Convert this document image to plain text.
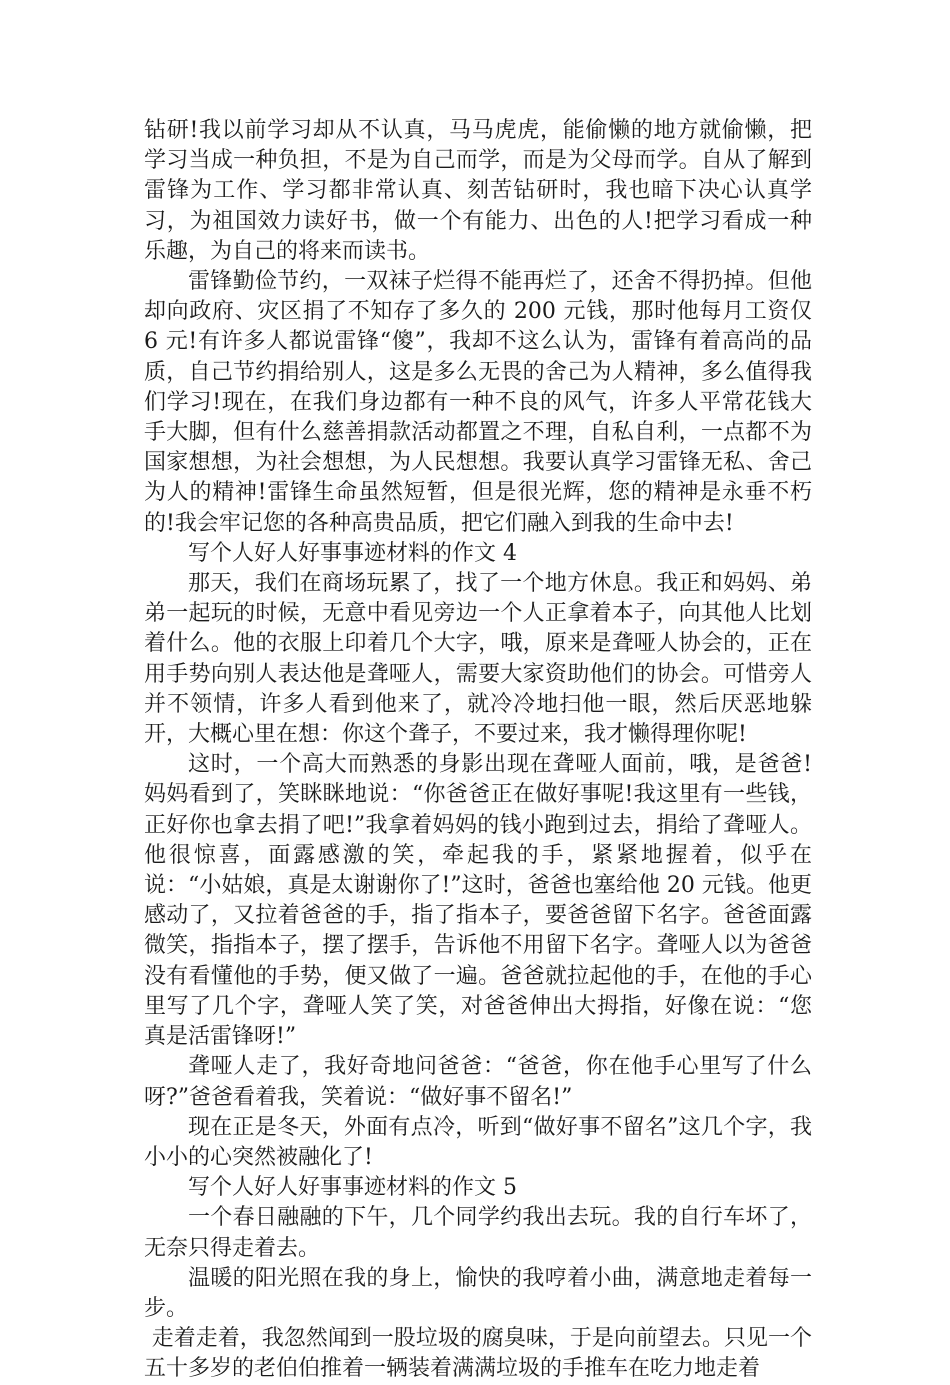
钻研!我以前学习却从不认真，马马虎虎，能偷懒的地方就偷懒，把学习当成一种负担，不是为自己而学，而是为父母而学。自从了解到雷锋为工作、学习都非常认真、刻苦钻研时，我也暗下决心认真学习，为祖国效力读好书，做一个有能力、出色的人!把学习看成一种乐趣，为自己的将来而读书。

雷锋勤俭节约，一双袜子烂得不能再烂了，还舍不得扔掉。但他却向政府、灾区捐了不知存了多久的 200 元钱，那时他每月工资仅 6 元!有许多人都说雷锋“傻”，我却不这么认为，雷锋有着高尚的品质，自己节约捐给别人，这是多么无畏的舍己为人精神，多么值得我们学习!现在，在我们身边都有一种不良的风气，许多人平常花钱大手大脚，但有什么慈善捐款活动都置之不理，自私自利，一点都不为国家想想，为社会想想，为人民想想。我要认真学习雷锋无私、舍己为人的精神!雷锋生命虽然短暂，但是很光辉，您的精神是永垂不朽的!我会牢记您的各种高贵品质，把它们融入到我的生命中去!

写个人好人好事事迹材料的作文 4

那天，我们在商场玩累了，找了一个地方休息。我正和妈妈、弟弟一起玩的时候，无意中看见旁边一个人正拿着本子，向其他人比划着什么。他的衣服上印着几个大字，哦，原来是聋哑人协会的，正在用手势向别人表达他是聋哑人，需要大家资助他们的协会。可惜旁人并不领情，许多人看到他来了，就冷冷地扫他一眼，然后厌恶地躲开，大概心里在想：你这个聋子，不要过来，我才懒得理你呢!

这时，一个高大而熟悉的身影出现在聋哑人面前，哦，是爸爸!妈妈看到了，笑眯眯地说：“你爸爸正在做好事呢!我这里有一些钱，正好你也拿去捐了吧!”我拿着妈妈的钱小跑到过去，捐给了聋哑人。他很惊喜，面露感激的笑，牵起我的手，紧紧地握着，似乎在说：“小姑娘，真是太谢谢你了!”这时，爸爸也塞给他 20 元钱。他更感动了，又拉着爸爸的手，指了指本子，要爸爸留下名字。爸爸面露微笑，指指本子，摆了摆手，告诉他不用留下名字。聋哑人以为爸爸没有看懂他的手势，便又做了一遍。爸爸就拉起他的手，在他的手心里写了几个字，聋哑人笑了笑，对爸爸伸出大拇指，好像在说：“您真是活雷锋呀!”

聋哑人走了，我好奇地问爸爸：“爸爸，你在他手心里写了什么呀?”爸爸看着我，笑着说：“做好事不留名!”

现在正是冬天，外面有点冷，听到“做好事不留名”这几个字，我小小的心突然被融化了!

写个人好人好事事迹材料的作文 5

一个春日融融的下午，几个同学约我出去玩。我的自行车坏了，无奈只得走着去。

温暖的阳光照在我的身上，愉快的我哼着小曲，满意地走着每一步。

走着走着，我忽然闻到一股垃圾的腐臭味，于是向前望去。只见一个五十多岁的老伯伯推着一辆装着满满垃圾的手推车在吃力地走着
